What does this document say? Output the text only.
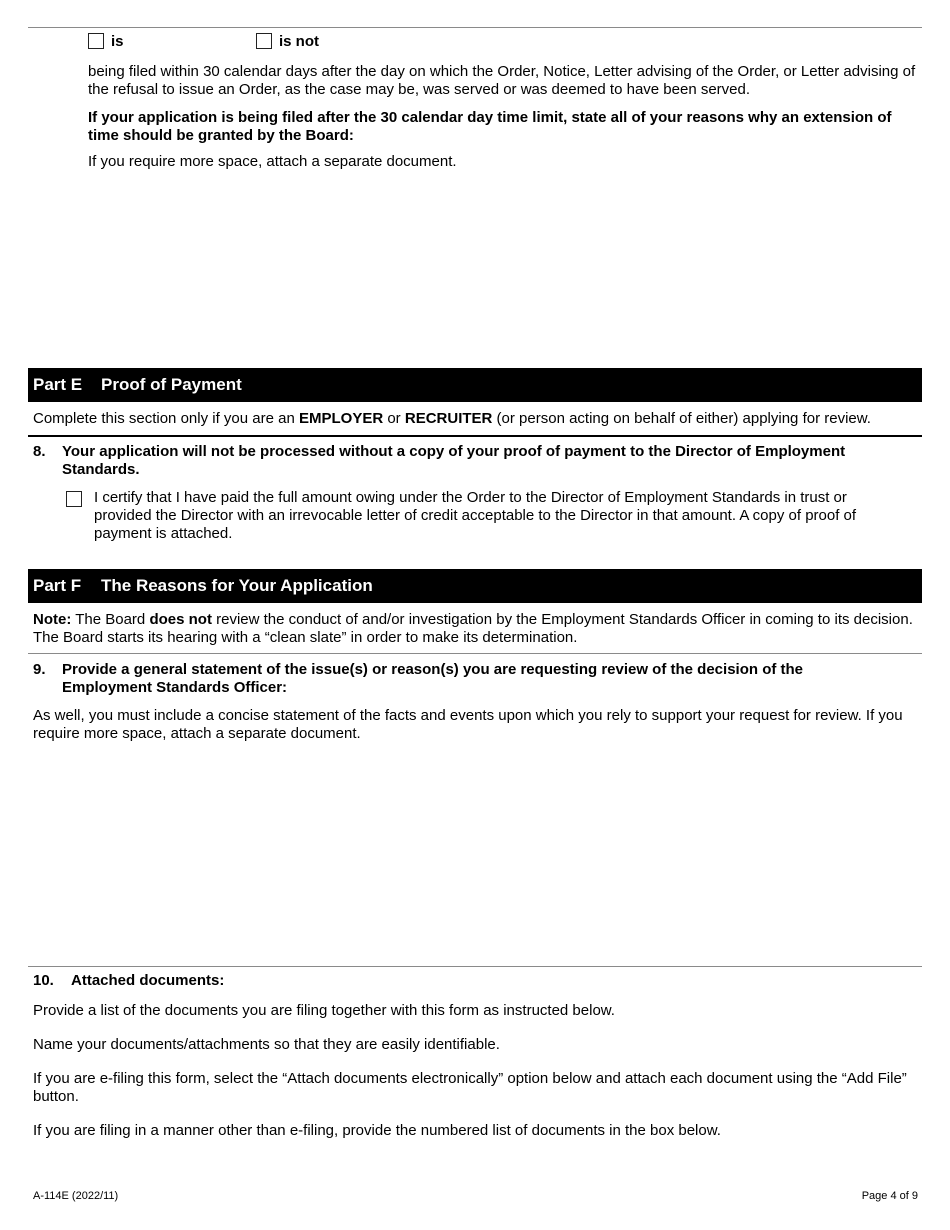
is	is not
being filed within 30 calendar days after the day on which the Order, Notice, Letter advising of the Order, or Letter advising of the refusal to issue an Order, as the case may be, was served or was deemed to have been served.
If your application is being filed after the 30 calendar day time limit, state all of your reasons why an extension of time should be granted by the Board:
If you require more space, attach a separate document.
Part E Proof of Payment
Complete this section only if you are an EMPLOYER or RECRUITER (or person acting on behalf of either) applying for review.
8. Your application will not be processed without a copy of your proof of payment to the Director of Employment Standards.
I certify that I have paid the full amount owing under the Order to the Director of Employment Standards in trust or provided the Director with an irrevocable letter of credit acceptable to the Director in that amount. A copy of proof of payment is attached.
Part F The Reasons for Your Application
Note: The Board does not review the conduct of and/or investigation by the Employment Standards Officer in coming to its decision. The Board starts its hearing with a “clean slate” in order to make its determination.
9. Provide a general statement of the issue(s) or reason(s) you are requesting review of the decision of the Employment Standards Officer:
As well, you must include a concise statement of the facts and events upon which you rely to support your request for review. If you require more space, attach a separate document.
10. Attached documents:
Provide a list of the documents you are filing together with this form as instructed below.
Name your documents/attachments so that they are easily identifiable.
If you are e-filing this form, select the “Attach documents electronically” option below and attach each document using the “Add File” button.
If you are filing in a manner other than e-filing, provide the numbered list of documents in the box below.
A-114E (2022/11)	Page 4 of 9
